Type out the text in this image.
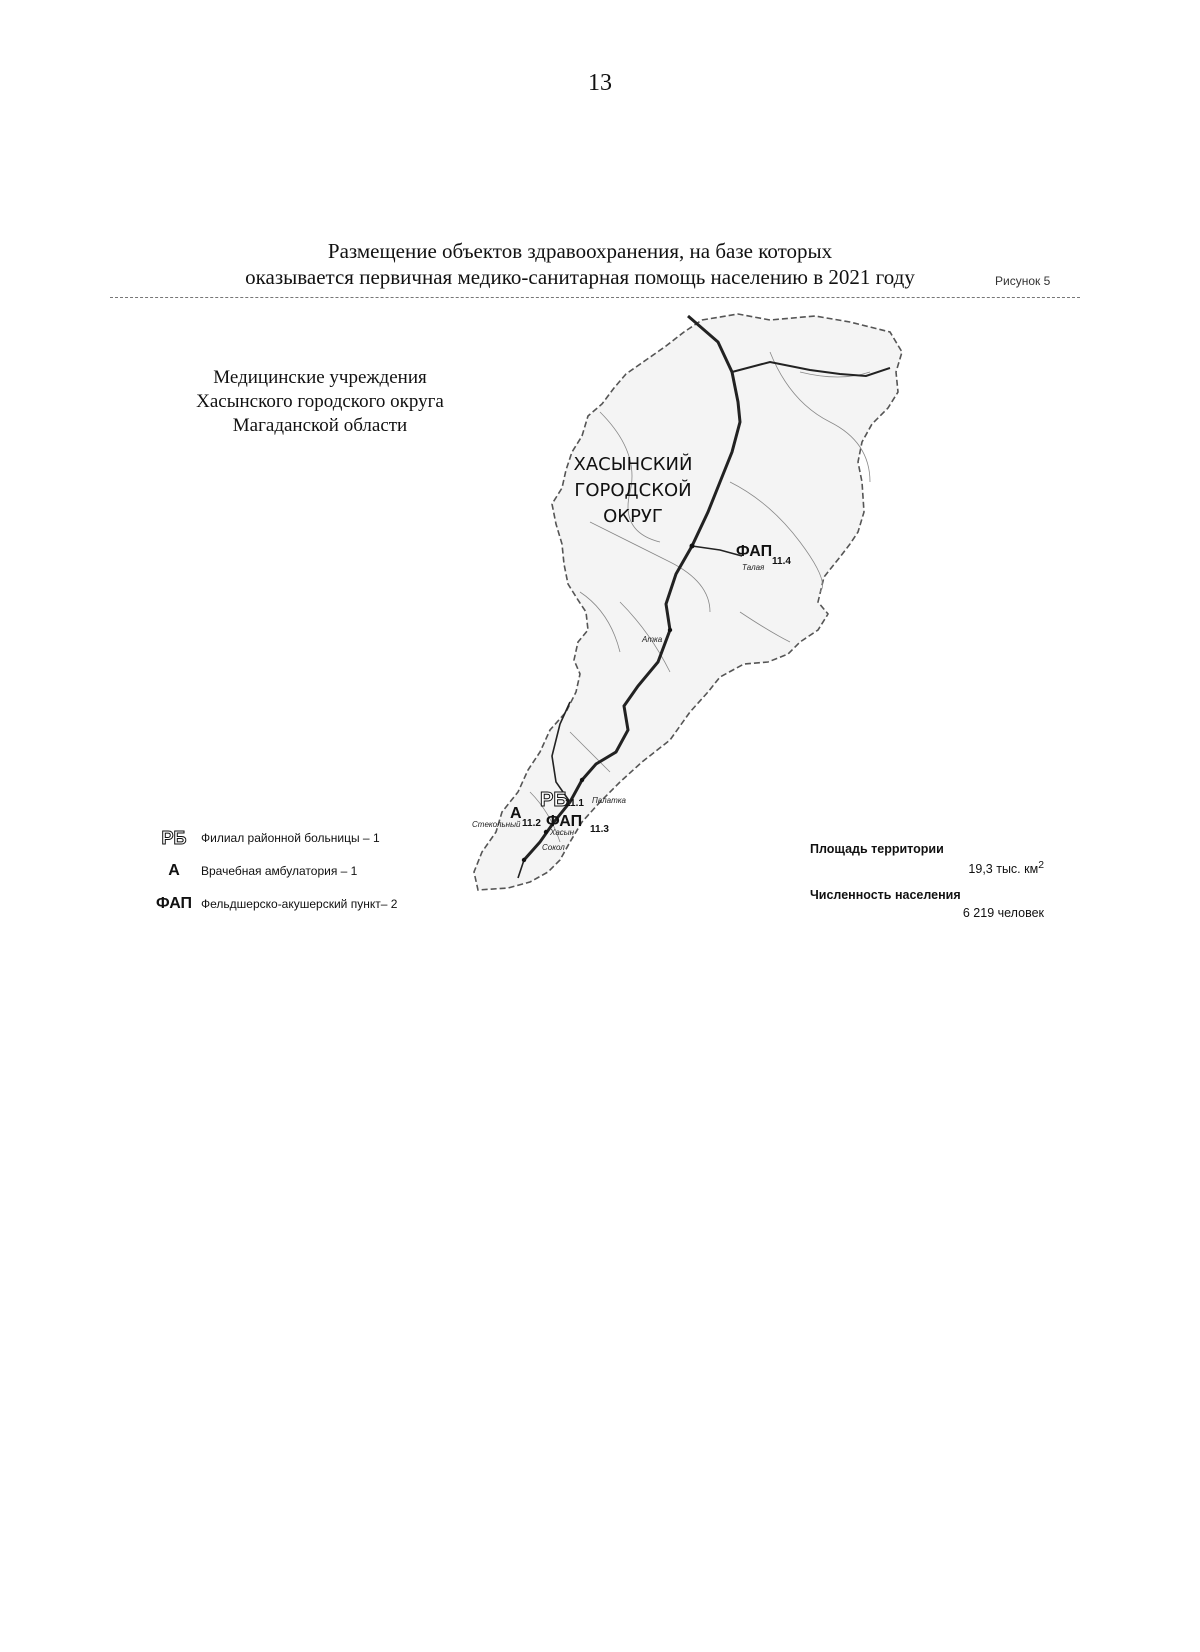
13
Размещение объектов здравоохранения, на базе которых
оказывается первичная медико-санитарная помощь населению в 2021 году	Рисунок 5
Медицинские учреждения
Хасынского городского округа
Магаданской области
ХАСЫНСКИЙ
ГОРОДСКОЙ
ОКРУГ
Талая
Атка
Палатка
Стекольный
Хасын
Сокол
ФАП
11.4
РБ
11.1
А
11.2 ФАП 11.3
РБ	Филиал районной больницы – 1
А	Врачебная амбулатория – 1
ФАП Фельдшерско-акушерский пункт– 2
Площадь территории
19,3 тыс. $км^2$
Численность населения
6 219 человек
